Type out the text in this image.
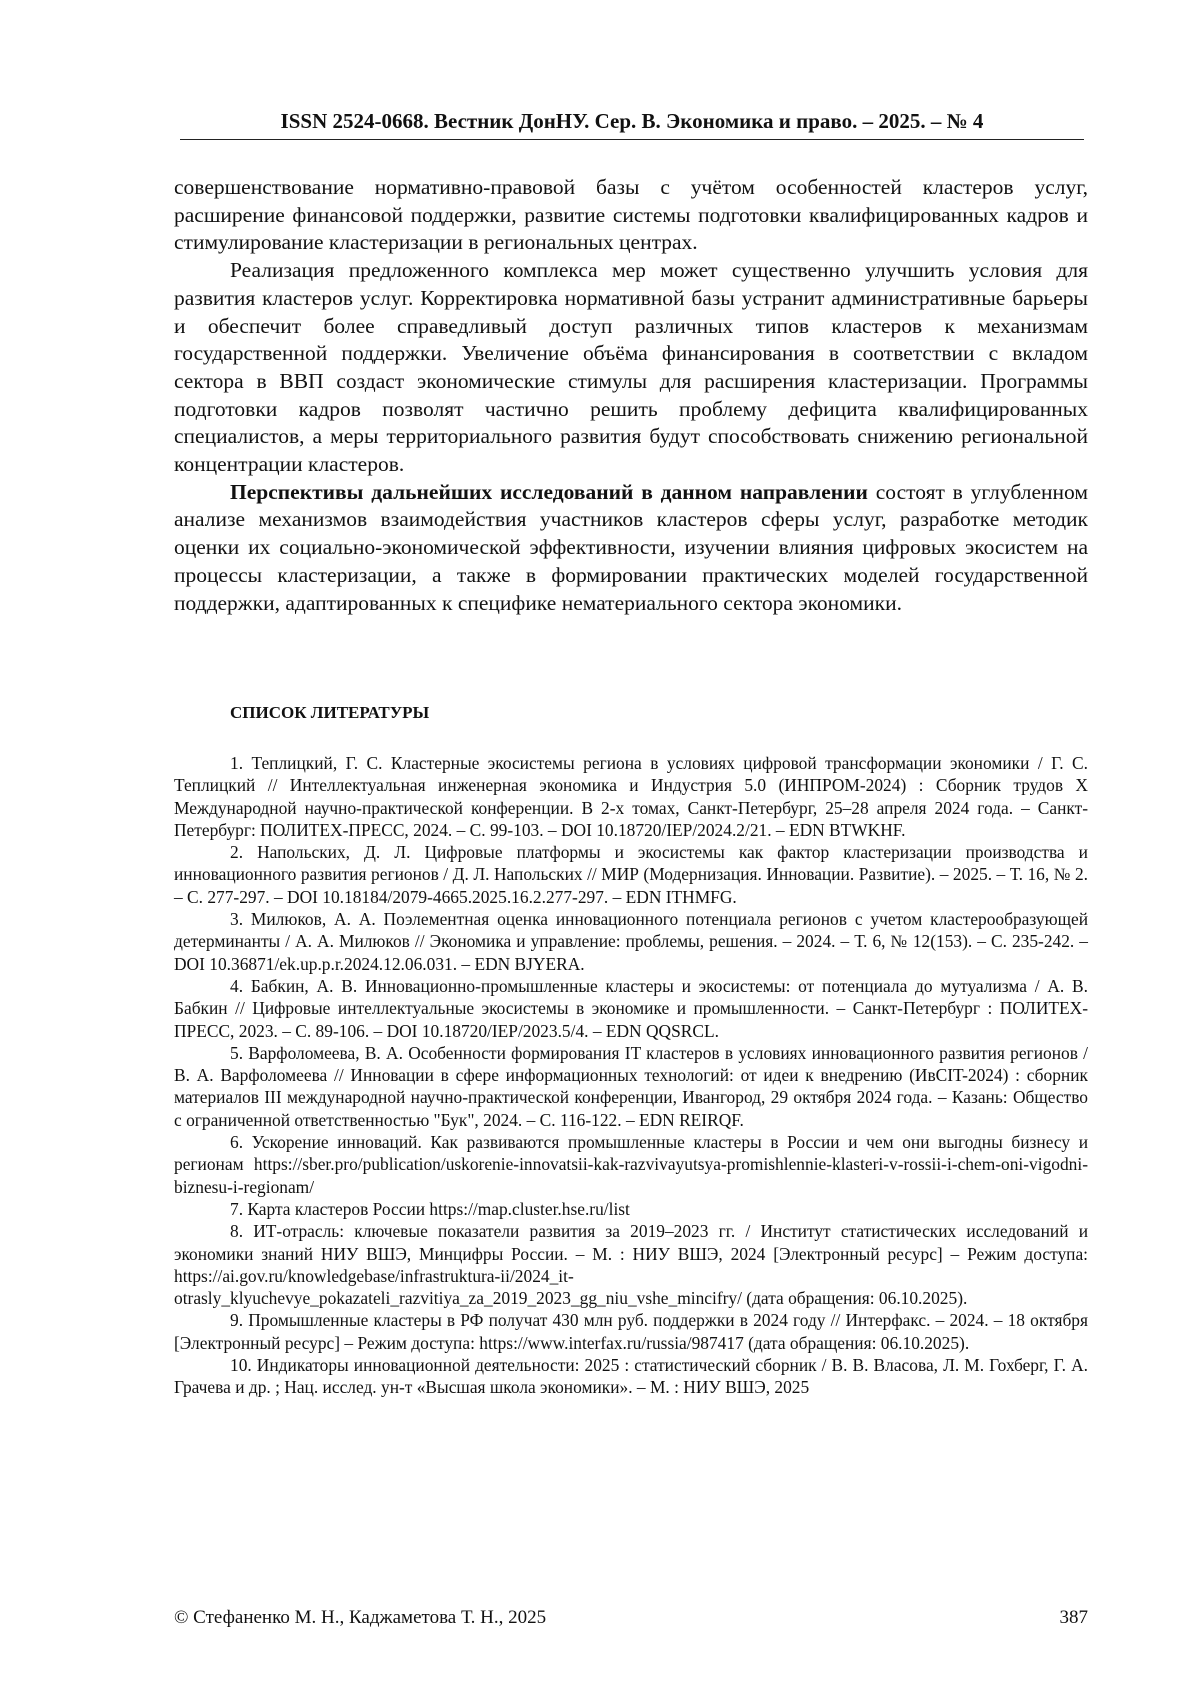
ISSN 2524-0668. Вестник ДонНУ. Сер. В. Экономика и право. – 2025. – № 4

совершенствование нормативно-правовой базы с учётом особенностей кластеров услуг, расширение финансовой поддержки, развитие системы подготовки квалифицированных кадров и стимулирование кластеризации в региональных центрах.

Реализация предложенного комплекса мер может существенно улучшить условия для развития кластеров услуг. Корректировка нормативной базы устранит административные барьеры и обеспечит более справедливый доступ различных типов кластеров к механизмам государственной поддержки. Увеличение объёма финансирования в соответствии с вкладом сектора в ВВП создаст экономические стимулы для расширения кластеризации. Программы подготовки кадров позволят частично решить проблему дефицита квалифицированных специалистов, а меры территориального развития будут способствовать снижению региональной концентрации кластеров.

Перспективы дальнейших исследований в данном направлении состоят в углубленном анализе механизмов взаимодействия участников кластеров сферы услуг, разработке методик оценки их социально-экономической эффективности, изучении влияния цифровых экосистем на процессы кластеризации, а также в формировании практических моделей государственной поддержки, адаптированных к специфике нематериального сектора экономики.

СПИСОК ЛИТЕРАТУРЫ

1. Теплицкий, Г. С. Кластерные экосистемы региона в условиях цифровой трансформации экономики / Г. С. Теплицкий // Интеллектуальная инженерная экономика и Индустрия 5.0 (ИНПРОМ-2024) : Сборник трудов X Международной научно-практической конференции. В 2-х томах, Санкт-Петербург, 25–28 апреля 2024 года. – Санкт-Петербург: ПОЛИТЕХ-ПРЕСС, 2024. – С. 99-103. – DOI 10.18720/IEP/2024.2/21. – EDN BTWKHF.

2. Напольских, Д. Л. Цифровые платформы и экосистемы как фактор кластеризации производства и инновационного развития регионов / Д. Л. Напольских // МИР (Модернизация. Инновации. Развитие). – 2025. – Т. 16, № 2. – С. 277-297. – DOI 10.18184/2079-4665.2025.16.2.277-297. – EDN ITHMFG.

3. Милюков, А. А. Поэлементная оценка инновационного потенциала регионов с учетом кластерообразующей детерминанты / А. А. Милюков // Экономика и управление: проблемы, решения. – 2024. – Т. 6, № 12(153). – С. 235-242. – DOI 10.36871/ek.up.p.r.2024.12.06.031. – EDN BJYERA.

4. Бабкин, А. В. Инновационно-промышленные кластеры и экосистемы: от потенциала до мутуализма / А. В. Бабкин // Цифровые интеллектуальные экосистемы в экономике и промышленности. – Санкт-Петербург : ПОЛИТЕХ-ПРЕСС, 2023. – С. 89-106. – DOI 10.18720/IEP/2023.5/4. – EDN QQSRCL.

5. Варфоломеева, В. А. Особенности формирования IT кластеров в условиях инновационного развития регионов / В. А. Варфоломеева // Инновации в сфере информационных технологий: от идеи к внедрению (ИвСIT-2024) : сборник материалов III международной научно-практической конференции, Ивангород, 29 октября 2024 года. – Казань: Общество с ограниченной ответственностью "Бук", 2024. – С. 116-122. – EDN REIRQF.

6. Ускорение инноваций. Как развиваются промышленные кластеры в России и чем они выгодны бизнесу и регионам https://sber.pro/publication/uskorenie-innovatsii-kak-razvivayutsya-promishlennie-klasteri-v-rossii-i-chem-oni-vigodni-biznesu-i-regionam/

7. Карта кластеров России https://map.cluster.hse.ru/list

8. ИТ-отрасль: ключевые показатели развития за 2019–2023 гг. / Институт статистических исследований и экономики знаний НИУ ВШЭ, Минцифры России. – М. : НИУ ВШЭ, 2024 [Электронный ресурс] – Режим доступа: https://ai.gov.ru/knowledgebase/infrastruktura-ii/2024_it-otrasly_klyuchevye_pokazateli_razvitiya_za_2019_2023_gg_niu_vshe_mincifry/ (дата обращения: 06.10.2025).

9. Промышленные кластеры в РФ получат 430 млн руб. поддержки в 2024 году // Интерфакс. – 2024. – 18 октября [Электронный ресурс] – Режим доступа: https://www.interfax.ru/russia/987417 (дата обращения: 06.10.2025).

10. Индикаторы инновационной деятельности: 2025 : статистический сборник / В. В. Власова, Л. М. Гохберг, Г. А. Грачева и др. ; Нац. исслед. ун-т «Высшая школа экономики». – М. : НИУ ВШЭ, 2025

© Стефаненко М. Н., Каджаметова Т. Н., 2025	387
